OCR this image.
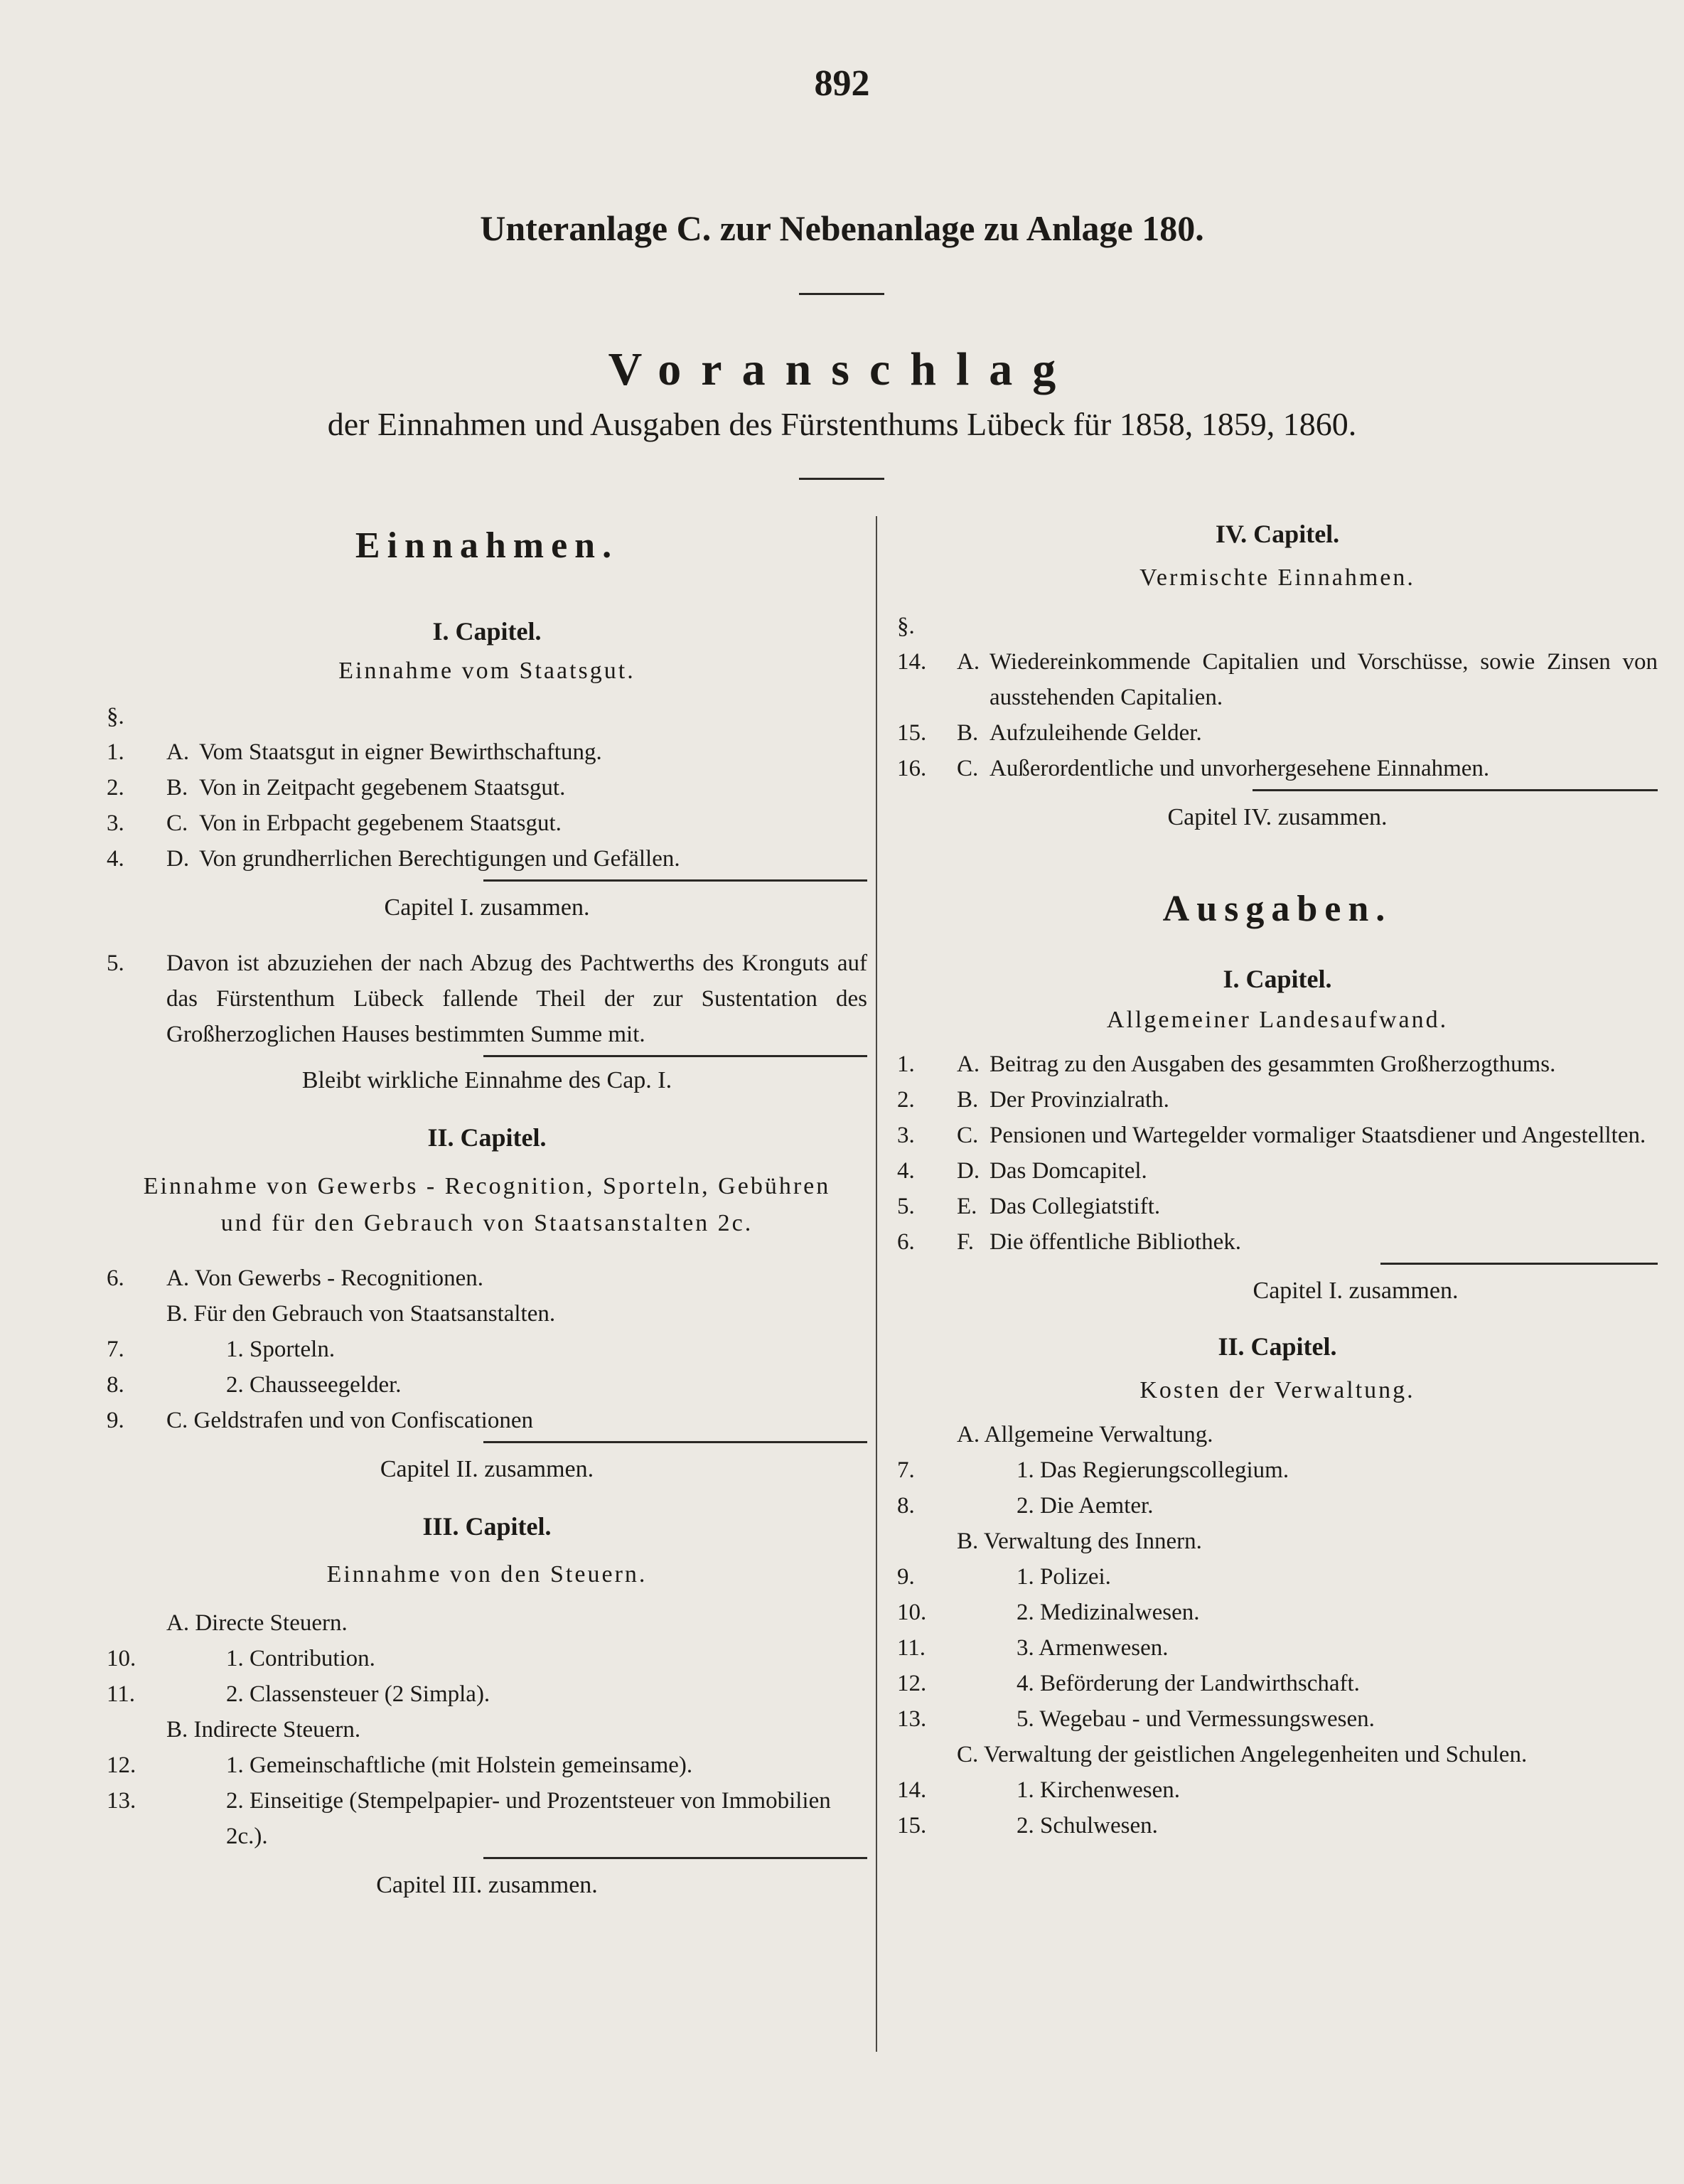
892
Unteranlage C. zur Nebenanlage zu Anlage 180.
Voranschlag
der Einnahmen und Ausgaben des Fürstenthums Lübeck für 1858, 1859, 1860.
Einnahmen.
I. Capitel.
Einnahme vom Staatsgut.
§.
1.	A. Vom Staatsgut in eigner Bewirthschaftung.
2.	B. Von in Zeitpacht gegebenem Staatsgut.
3.	C. Von in Erbpacht gegebenem Staatsgut.
4.	D. Von grundherrlichen Berechtigungen und Gefällen.
Capitel I. zusammen.
5.	Davon ist abzuziehen der nach Abzug des Pachtwerths des Kronguts auf das Fürstenthum Lübeck fallende Theil der zur Sustentation des Großherzoglichen Hauses bestimmten Summe mit.
Bleibt wirkliche Einnahme des Cap. I.
II. Capitel.
Einnahme von Gewerbs - Recognition, Sporteln, Gebühren und für den Gebrauch von Staatsanstalten 2c.
6.	A. Von Gewerbs - Recognitionen.
B. Für den Gebrauch von Staatsanstalten.
7.	1. Sporteln.
8.	2. Chausseegelder.
9.	C. Geldstrafen und von Confiscationen
Capitel II. zusammen.
III. Capitel.
Einnahme von den Steuern.
A. Directe Steuern.
10.	1. Contribution.
11.	2. Classensteuer (2 Simpla).
B. Indirecte Steuern.
12.	1. Gemeinschaftliche (mit Holstein gemeinsame).
13.	2. Einseitige (Stempelpapier- und Prozentsteuer von Immobilien 2c.).
Capitel III. zusammen.
IV. Capitel.
Vermischte Einnahmen.
§.
14.	A. Wiedereinkommende Capitalien und Vorschüsse, sowie Zinsen von ausstehenden Capitalien.
15.	B. Aufzuleihende Gelder.
16.	C. Außerordentliche und unvorhergesehene Einnahmen.
Capitel IV. zusammen.
Ausgaben.
I. Capitel.
Allgemeiner Landesaufwand.
1.	A. Beitrag zu den Ausgaben des gesammten Großherzogthums.
2.	B. Der Provinzialrath.
3.	C. Pensionen und Wartegelder vormaliger Staatsdiener und Angestellten.
4.	D. Das Domcapitel.
5.	E. Das Collegiatstift.
6.	F. Die öffentliche Bibliothek.
Capitel I. zusammen.
II. Capitel.
Kosten der Verwaltung.
A. Allgemeine Verwaltung.
7.	1. Das Regierungscollegium.
8.	2. Die Aemter.
B. Verwaltung des Innern.
9.	1. Polizei.
10.	2. Medizinalwesen.
11.	3. Armenwesen.
12.	4. Beförderung der Landwirthschaft.
13.	5. Wegebau - und Vermessungswesen.
C. Verwaltung der geistlichen Angelegenheiten und Schulen.
14.	1. Kirchenwesen.
15.	2. Schulwesen.
